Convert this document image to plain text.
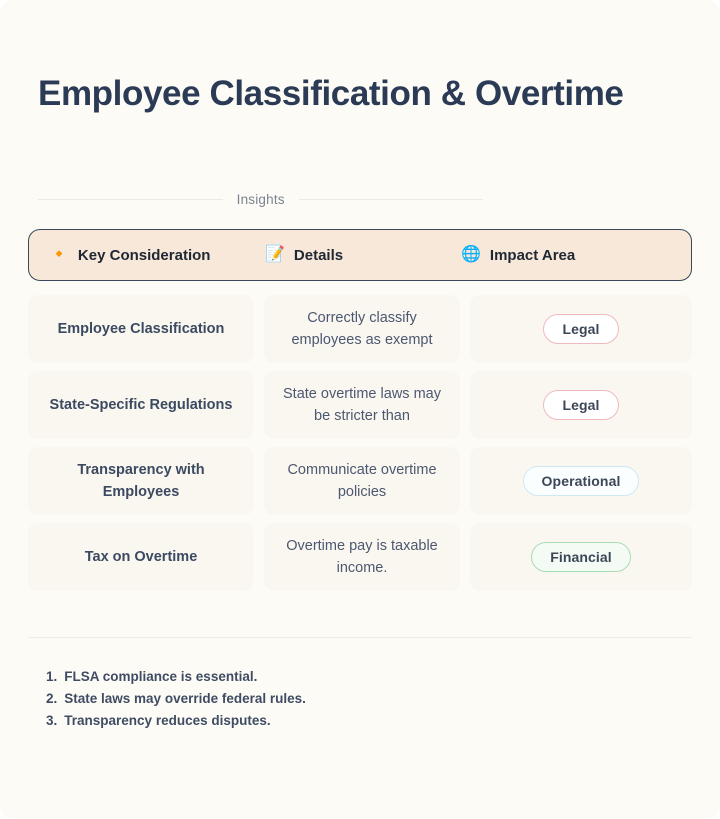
Employee Classification & Overtime
Insights
🔸 Key Consideration	📝 Details	🌐 Impact Area
Employee Classification
Correctly classify employees as exempt
Legal
State-Specific Regulations
State overtime laws may be stricter than
Legal
Transparency with Employees
Communicate overtime policies
Operational
Tax on Overtime
Overtime pay is taxable income.
Financial
1. FLSA compliance is essential.
2. State laws may override federal rules.
3. Transparency reduces disputes.
